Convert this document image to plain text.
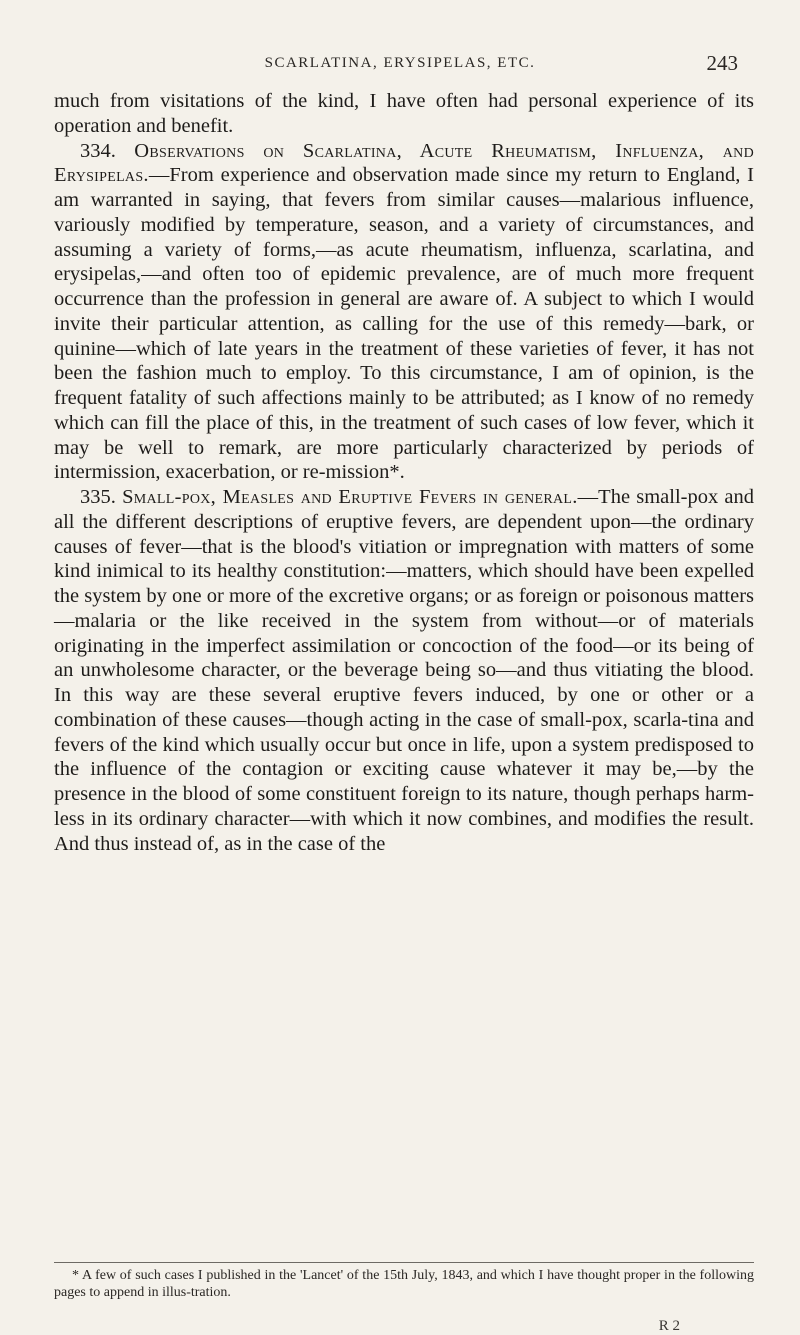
SCARLATINA, ERYSIPELAS, ETC.	243

much from visitations of the kind, I have often had personal experience of its operation and benefit.

334. Observations on Scarlatina, Acute Rheumatism, Influenza, and Erysipelas.—From experience and observation made since my return to England, I am warranted in saying, that fevers from similar causes—malarious influence, variously modified by temperature, season, and a variety of circumstances, and assuming a variety of forms,—as acute rheumatism, influenza, scarlatina, and erysipelas,—and often too of epidemic prevalence, are of much more frequent occurrence than the profession in general are aware of. A subject to which I would invite their particular attention, as calling for the use of this remedy—bark, or quinine—which of late years in the treatment of these varieties of fever, it has not been the fashion much to employ. To this circumstance, I am of opinion, is the frequent fatality of such affections mainly to be attributed; as I know of no remedy which can fill the place of this, in the treatment of such cases of low fever, which it may be well to remark, are more particularly characterized by periods of intermission, exacerbation, or re-mission*.

335. Small-pox, Measles and Eruptive Fevers in general.—The small-pox and all the different descriptions of eruptive fevers, are dependent upon—the ordinary causes of fever—that is the blood's vitiation or impregnation with matters of some kind inimical to its healthy constitution:—matters, which should have been expelled the system by one or more of the excretive organs; or as foreign or poisonous matters—malaria or the like received in the system from without—or of materials originating in the imperfect assimilation or concoction of the food—or its being of an unwholesome character, or the beverage being so—and thus vitiating the blood. In this way are these several eruptive fevers induced, by one or other or a combination of these causes—though acting in the case of small-pox, scarla-tina and fevers of the kind which usually occur but once in life, upon a system predisposed to the influence of the contagion or exciting cause whatever it may be,—by the presence in the blood of some constituent foreign to its nature, though perhaps harm-less in its ordinary character—with which it now combines, and modifies the result. And thus instead of, as in the case of the

* A few of such cases I published in the 'Lancet' of the 15th July, 1843, and which I have thought proper in the following pages to append in illus-tration.
R 2
